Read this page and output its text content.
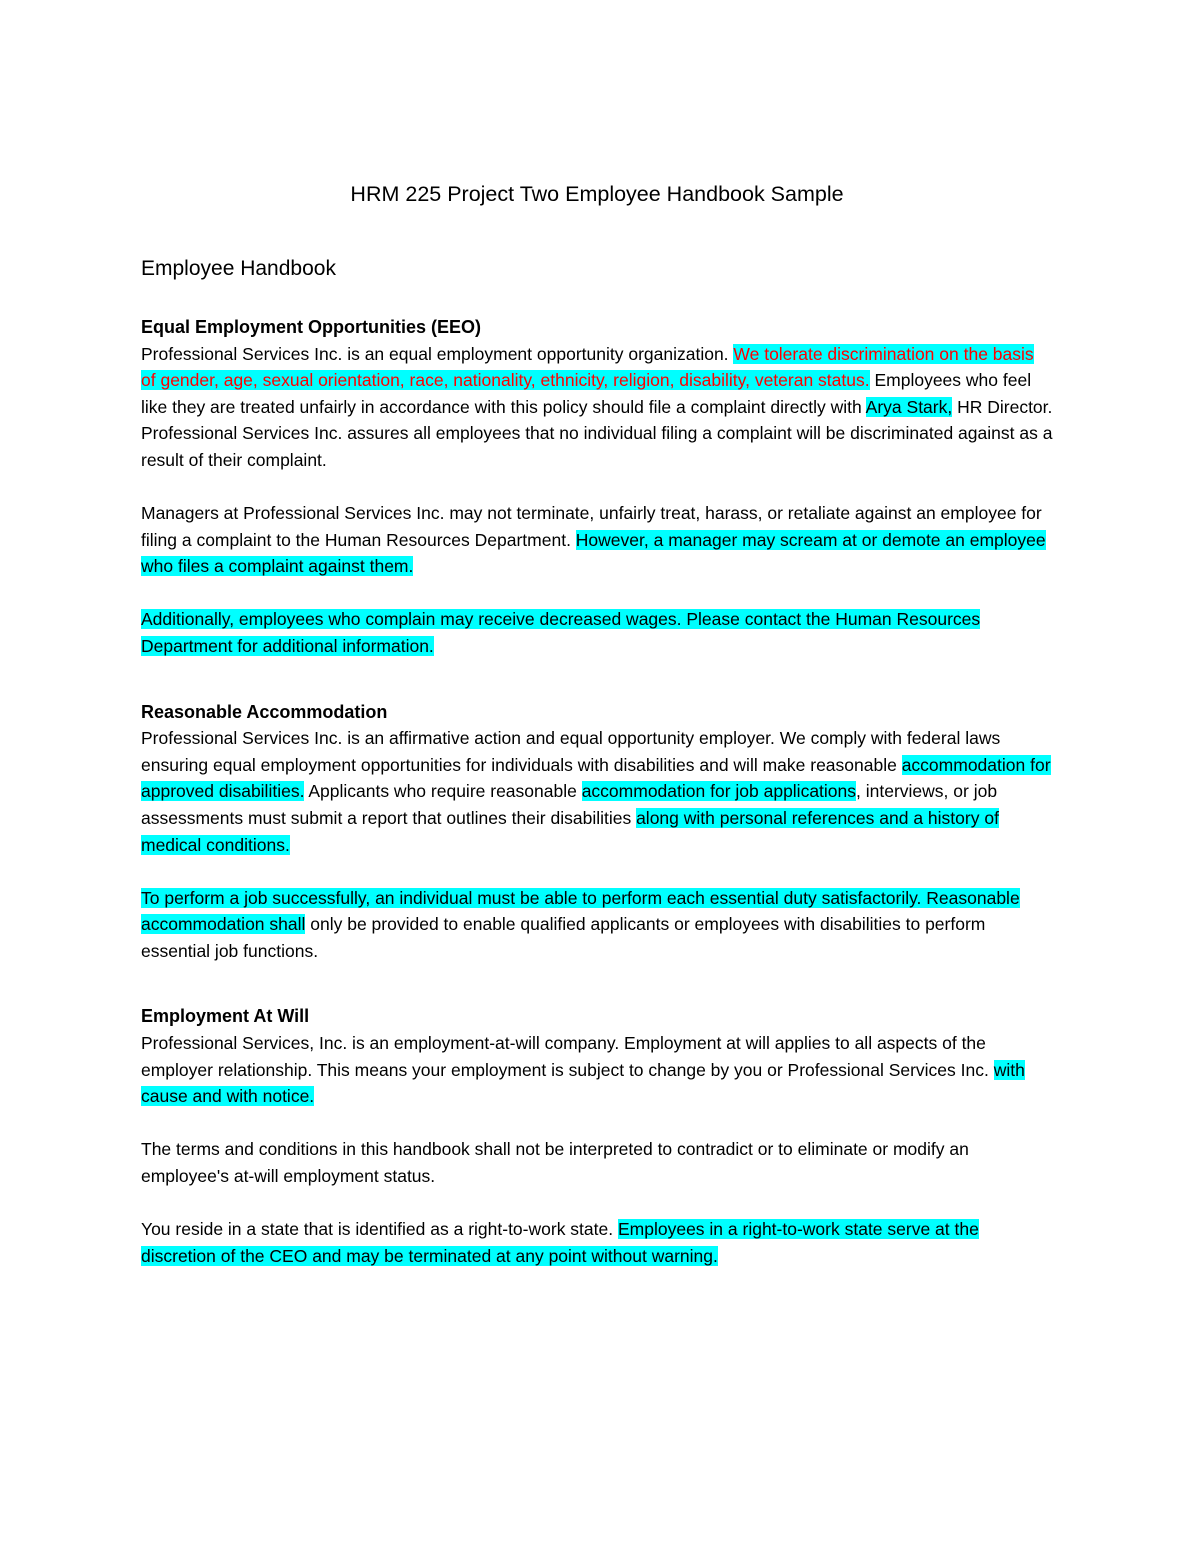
HRM 225 Project Two Employee Handbook Sample
Employee Handbook
Equal Employment Opportunities (EEO)

Professional Services Inc. is an equal employment opportunity organization. We tolerate discrimination on the basis of gender, age, sexual orientation, race, nationality, ethnicity, religion, disability, veteran status. Employees who feel like they are treated unfairly in accordance with this policy should file a complaint directly with Arya Stark, HR Director. Professional Services Inc. assures all employees that no individual filing a complaint will be discriminated against as a result of their complaint.

Managers at Professional Services Inc. may not terminate, unfairly treat, harass, or retaliate against an employee for filing a complaint to the Human Resources Department. However, a manager may scream at or demote an employee who files a complaint against them.

Additionally, employees who complain may receive decreased wages. Please contact the Human Resources Department for additional information.

Reasonable Accommodation

Professional Services Inc. is an affirmative action and equal opportunity employer. We comply with federal laws ensuring equal employment opportunities for individuals with disabilities and will make reasonable accommodation for approved disabilities. Applicants who require reasonable accommodation for job applications, interviews, or job assessments must submit a report that outlines their disabilities along with personal references and a history of medical conditions.

To perform a job successfully, an individual must be able to perform each essential duty satisfactorily. Reasonable accommodation shall only be provided to enable qualified applicants or employees with disabilities to perform essential job functions.

Employment At Will

Professional Services, Inc. is an employment-at-will company. Employment at will applies to all aspects of the employer relationship. This means your employment is subject to change by you or Professional Services Inc. with cause and with notice.

The terms and conditions in this handbook shall not be interpreted to contradict or to eliminate or modify an employee's at-will employment status.

You reside in a state that is identified as a right-to-work state. Employees in a right-to-work state serve at the discretion of the CEO and may be terminated at any point without warning.
